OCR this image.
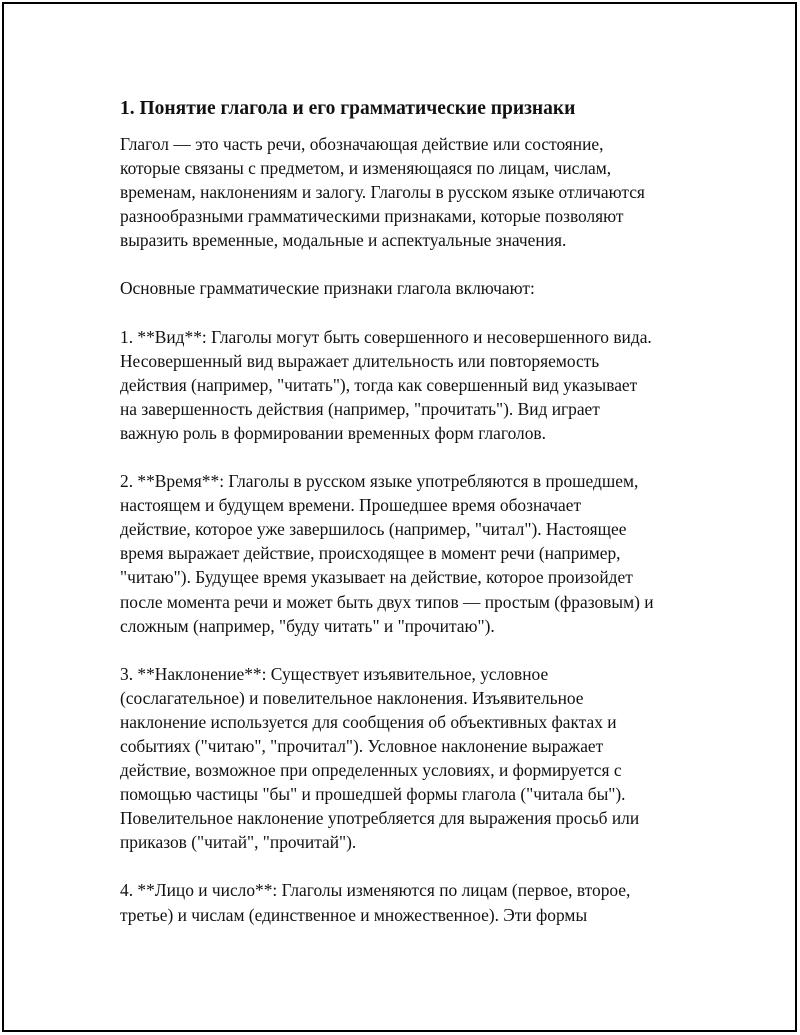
1. Понятие глагола и его грамматические признаки
Глагол — это часть речи, обозначающая действие или состояние,
которые связаны с предметом, и изменяющаяся по лицам, числам,
временам, наклонениям и залогу. Глаголы в русском языке отличаются
разнообразными грамматическими признаками, которые позволяют
выразить временные, модальные и аспектуальные значения.
Основные грамматические признаки глагола включают:
1. **Вид**: Глаголы могут быть совершенного и несовершенного вида.
Несовершенный вид выражает длительность или повторяемость
действия (например, "читать"), тогда как совершенный вид указывает
на завершенность действия (например, "прочитать"). Вид играет
важную роль в формировании временных форм глаголов.
2. **Время**: Глаголы в русском языке употребляются в прошедшем,
настоящем и будущем времени. Прошедшее время обозначает
действие, которое уже завершилось (например, "читал"). Настоящее
время выражает действие, происходящее в момент речи (например,
"читаю"). Будущее время указывает на действие, которое произойдет
после момента речи и может быть двух типов — простым (фразовым) и
сложным (например, "буду читать" и "прочитаю").
3. **Наклонение**: Существует изъявительное, условное
(сослагательное) и повелительное наклонения. Изъявительное
наклонение используется для сообщения об объективных фактах и
событиях ("читаю", "прочитал"). Условное наклонение выражает
действие, возможное при определенных условиях, и формируется с
помощью частицы "бы" и прошедшей формы глагола ("читала бы").
Повелительное наклонение употребляется для выражения просьб или
приказов ("читай", "прочитай").
4. **Лицо и число**: Глаголы изменяются по лицам (первое, второе,
третье) и числам (единственное и множественное). Эти формы
